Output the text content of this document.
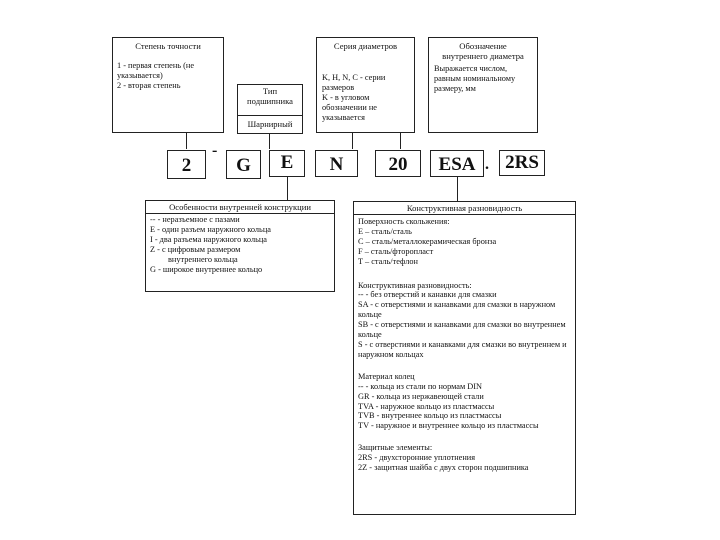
Степень точности
1 - первая степень (не указывается)
2 - вторая степень
Тип подшипника
Шарнирный
Серия диаметров
K, H, N, C - серии размеров
K - в угловом обозначении не указывается
Обозначение внутреннего диаметра
Выражается числом, равным номинальному размеру, мм
2
-
G	E	N	20	ESA . 2RS
Особенности внутренней конструкции
-- - неразъемное с пазами
E - один разъем наружного кольца
I - два разъема наружного кольца
Z - с цифровым размером
внутреннего кольца
G - широкое внутреннее кольцо
Конструктивная разновидность
Поверхность скольжения:
E – сталь/сталь
C – сталь/металлокерамическая бронза
F – сталь/фторопласт
T – сталь/тефлон
Конструктивная разновидность:
-- - без отверстий и канавки для смазки
SA - с отверстиями и канавками для смазки в наружном кольце
SB - с отверстиями и канавками для смазки во внутреннем кольце
S - с отверстиями и канавками для смазки во внутреннем и наружном кольцах
Материал колец
-- - кольца из стали по нормам DIN
GR - кольца из нержавеющей стали
TVA - наружное кольцо из пластмассы
TVB - внутреннее кольцо из пластмассы
TV - наружное и внутреннее кольцо из пластмассы
Защитные элементы:
2RS - двухсторонние уплотнения
2Z - защитная шайба с двух сторон подшипника
